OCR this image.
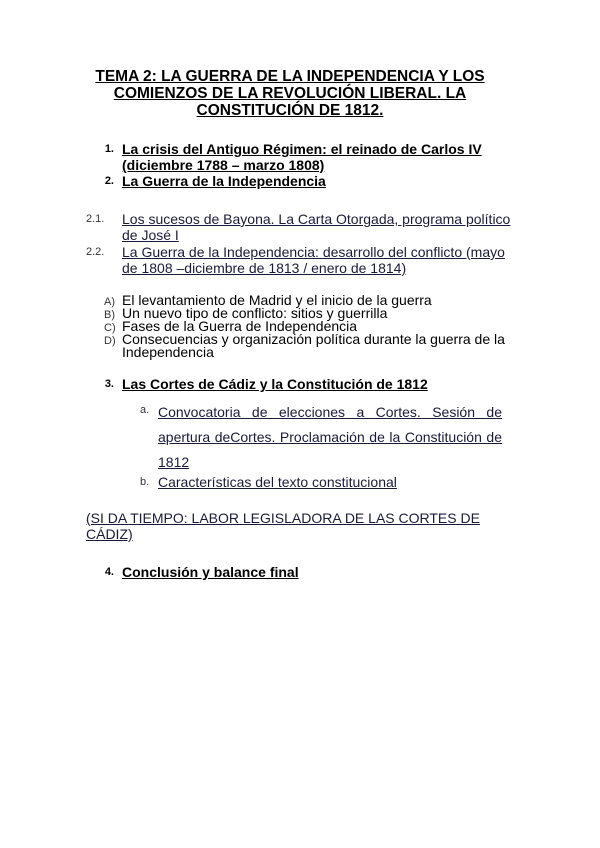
TEMA 2: LA GUERRA DE LA INDEPENDENCIA Y LOS COMIENZOS DE LA REVOLUCIÓN LIBERAL. LA CONSTITUCIÓN DE 1812.
1. La crisis del Antiguo Régimen: el reinado de Carlos IV (diciembre 1788 – marzo 1808)
2. La Guerra de la Independencia
2.1.	Los sucesos de Bayona. La Carta Otorgada, programa político de José I
2.2.	La Guerra de la Independencia: desarrollo del conflicto (mayo de 1808 –diciembre de 1813 / enero de 1814)
A) El levantamiento de Madrid y el inicio de la guerra
B) Un nuevo tipo de conflicto: sitios y guerrilla
C) Fases de la Guerra de Independencia
D) Consecuencias y organización política durante la guerra de la Independencia
3. Las Cortes de Cádiz y la Constitución de 1812
a. Convocatoria de elecciones a Cortes. Sesión de apertura deCortes. Proclamación de la Constitución de 1812
b. Características del texto constitucional
(SI DA TIEMPO: LABOR LEGISLADORA DE LAS CORTES DE CÁDIZ)
4. Conclusión y balance final
